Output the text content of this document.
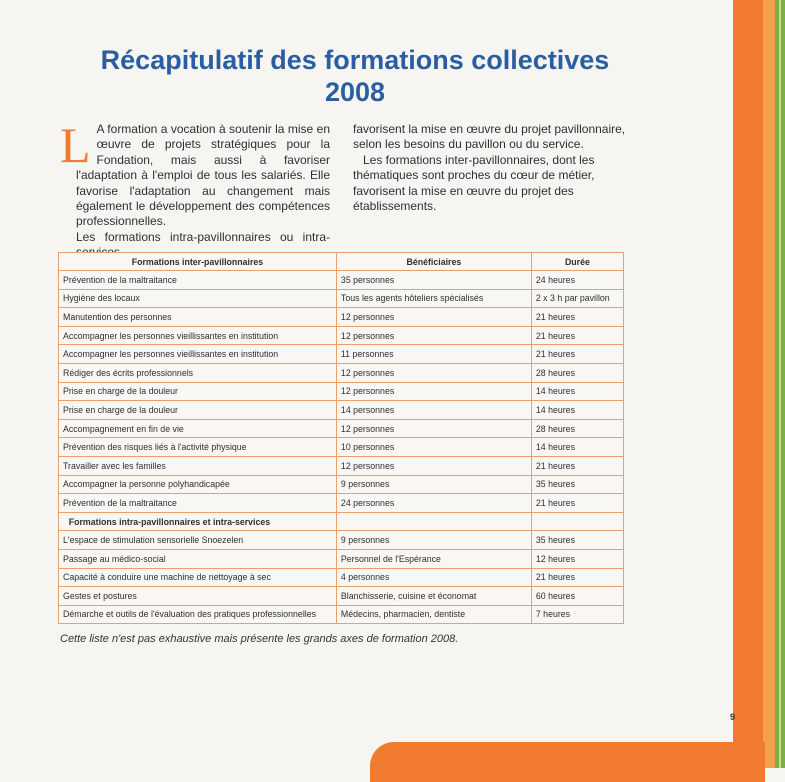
9
Récapitulatif des formations collectives
2008

L A formation a vocation à soutenir la mise en œuvre de projets stratégiques pour la Fondation, mais aussi à favoriser l'adaptation à l'emploi de tous les salariés. Elle favorise l'adaptation au changement mais également le développement des compétences professionnelles.

Les formations intra-pavillonnaires ou intra-

favorisent la mise en œuvre du projet pavillonnaire, selon les besoins du pavillon ou du service.

Les formations inter-pavillonnaires, dont les thématiques sont proches du cœur de métier, favorisent la mise en œuvre du projet des établissements.

Formations inter-pavillonnaires	Bénéficiaires	Durée
Prévention de la maltraitance	35 personnes	24 heures
Hygiène des locaux	Tous les agents hôteliers spécialisés	2 x 3 h par pavillon
Manutention des personnes	12 personnes	21 heures
Accompagner les personnes vieillissantes en institution	12 personnes	21 heures
Accompagner les personnes vieillissantes en institution	11 personnes	21 heures
Rédiger des écrits professionnels	12 personnes	28 heures
Prise en charge de la douleur	12 personnes	14 heures
Prise en charge de la douleur	14 personnes	14 heures
Accompagnement en fin de vie	12 personnes	28 heures
Prévention des risques liés à l'activité physique	10 personnes	14 heures
Travailler avec les familles	12 personnes	21 heures
Accompagner la personne polyhandicapée	9 personnes	35 heures
Prévention de la maltraitance	24 personnes	21 heures
Formations intra-pavillonnaires et intra-services		
L'espace de stimulation sensorielle Snoezelen	9 personnes	35 heures
Passage au médico-social	Personnel de l'Espérance	12 heures
Capacité à conduire une machine de nettoyage à sec	4 personnes	21 heures
Gestes et postures	Blanchisserie, cuisine et économat	60 heures
Démarche et outils de l'évaluation des pratiques professionnelles	Médecins, pharmacien, dentiste	7 heures
Cette liste n'est pas exhaustive mais présente les grands axes de formation 2008.
